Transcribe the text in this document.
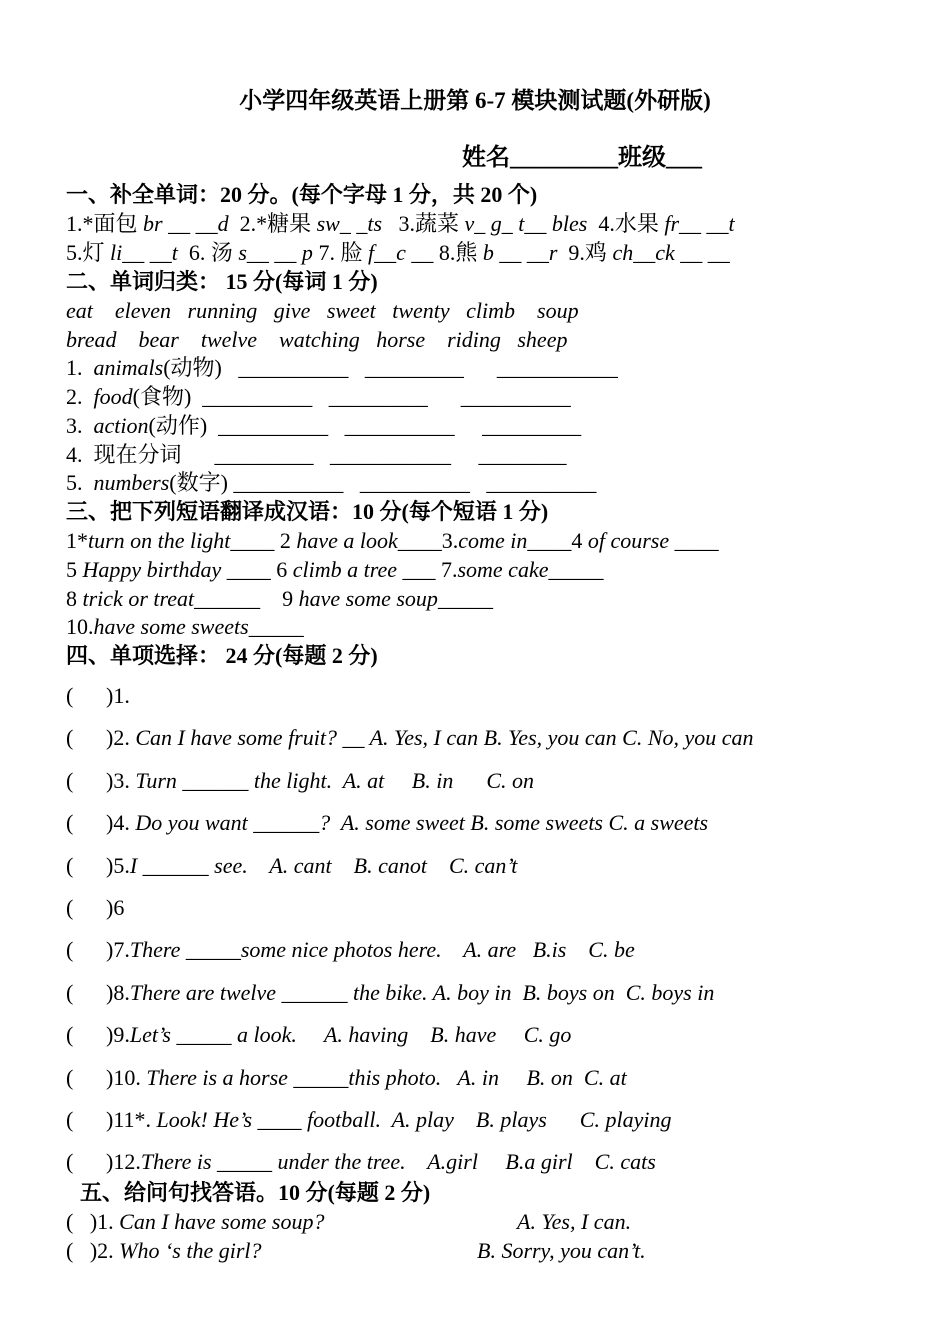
小学四年级英语上册第 6-7 模块测试题(外研版)
姓名_________班级___
一、补全单词：20 分。(每个字母 1 分，共 20 个)
1.*面包 br __ __d  2.*糖果 sw_ _ts   3.蔬菜 v_ g_ t__ bles  4.水果 fr__ __t
5.灯 li__ __t  6. 汤 s__ __ p 7. 脸 f__c __ 8.熊 b __ __r  9.鸡 ch__ck __ __
二、单词归类： 15 分(每词 1 分)
eat    eleven   running   give   sweet   twenty   climb    soup
bread    bear    twelve    watching   horse    riding   sheep
1.  animals(动物)   __________   _________      ___________
2.  food(食物)  __________   _________      __________
3.  action(动作)  __________   __________     _________
4.  现在分词      _________   ___________     ________
5.  numbers(数字) __________   __________   __________
三、把下列短语翻译成汉语：10 分(每个短语 1 分)
1*turn on the light____ 2 have a look____3.come in____4 of course ____
5 Happy birthday ____ 6 climb a tree ___ 7.some cake_____
8 trick or treat______    9 have some soup_____
10.have some sweets_____
四、单项选择： 24 分(每题 2 分)
( )1.
( )2. Can I have some fruit? __ A. Yes, I can B. Yes, you can C. No, you can
( )3. Turn ______ the light.  A. at     B. in      C. on
( )4. Do you want ______?  A. some sweet B. some sweets C. a sweets
( )5.I ______ see.    A. cant    B. canot    C. can’t
( )6
( )7.There _____some nice photos here.    A. are   B.is    C. be
( )8.There are twelve ______ the bike. A. boy in  B. boys on  C. boys in
( )9.Let’s _____ a look.     A. having    B. have     C. go
( )10. There is a horse _____this photo.   A. in     B. on  C. at
( )11*. Look! He’s ____ football.  A. play    B. plays      C. playing
( )12.There is _____ under the tree.    A.girl     B.a girl    C. cats
五、给问句找答语。10 分(每题 2 分)
(   )1. Can I have some soup?	A. Yes, I can.
(   )2. Who ‘s the girl?	B. Sorry, you can’t.
